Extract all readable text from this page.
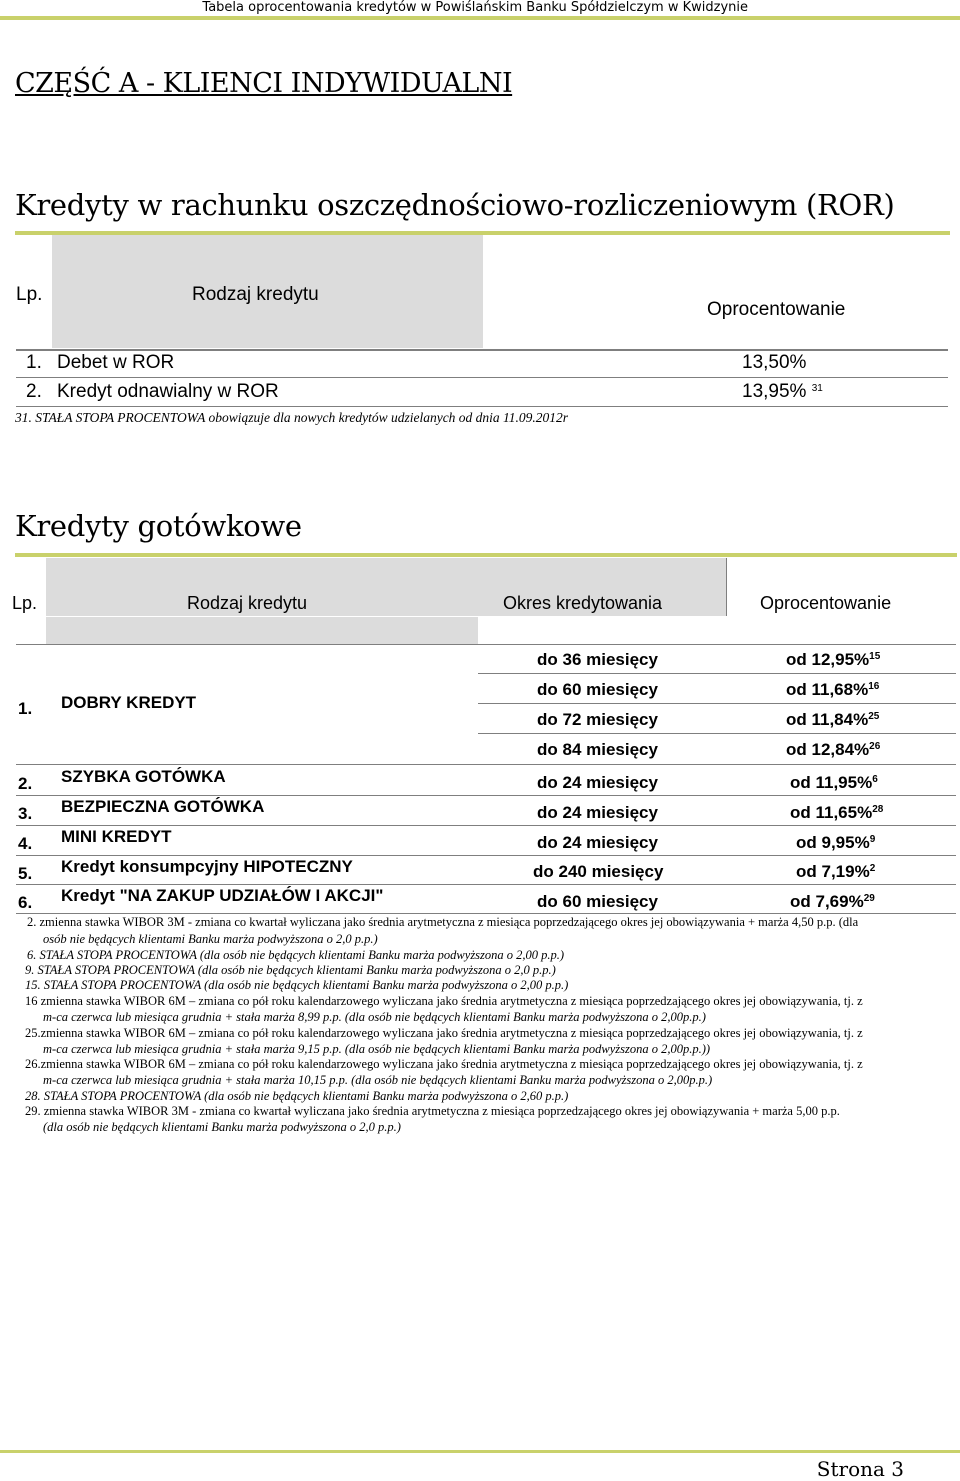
Tabela oprocentowania kredytów w Powiślańskim Banku Spółdzielczym w Kwidzynie
CZĘŚĆ A - KLIENCI INDYWIDUALNI
Kredyty w rachunku oszczędnościowo-rozliczeniowym (ROR)
Lp.	Rodzaj kredytu
Oprocentowanie
1. Debet w ROR	13,50%
2. Kredyt odnawialny w ROR	13,95% $^{31}$
31. STAŁA STOPA PROCENTOWA obowiązuje dla nowych kredytów udzielanych od dnia 11.09.2012r
Kredyty gotówkowe
Lp.	Rodzaj kredytu	Okres kredytowania	Oprocentowanie
1. DOBRY KREDYT
do 36 miesięcy	od 12,95%$^{15}$
do 60 miesięcy	od 11,68%$^{16}$
do 72 miesięcy	od 11,84%$^{25}$
do 84 miesięcy	od 12,84%$^{26}$
2. SZYBKA GOTÓWKA	do 24 miesięcy	od 11,95%$^6$
3. BEZPIECZNA GOTÓWKA	do 24 miesięcy	od 11,65%$^{28}$
4. MINI KREDYT	do 24 miesięcy	od 9,95%$^9$
5. Kredyt konsumpcyjny HIPOTECZNY	do 240 miesięcy	od 7,19%$^2$
6. Kredyt "NA ZAKUP UDZIAŁÓW I AKCJI"	do 60 miesięcy	od 7,69%$^{29}$
2. zmienna stawka WIBOR 3M - zmiana co kwartał wyliczana jako średnia arytmetyczna z miesiąca poprzedzającego okres jej obowiązywania + marża 4,50 p.p. (dla
osób nie będących klientami Banku marża podwyższona o 2,0 p.p.)
6. STAŁA STOPA PROCENTOWA (dla osób nie będących klientami Banku marża podwyższona o 2,00 p.p.)
9. STAŁA STOPA PROCENTOWA (dla osób nie będących klientami Banku marża podwyższona o 2,0 p.p.)
15. STAŁA STOPA PROCENTOWA (dla osób nie będących klientami Banku marża podwyższona o 2,00 p.p.)
16 zmienna stawka WIBOR 6M – zmiana co pół roku kalendarzowego wyliczana jako średnia arytmetyczna z miesiąca poprzedzającego okres jej obowiązywania, tj. z
m-ca czerwca lub miesiąca grudnia + stała marża 8,99 p.p. (dla osób nie będących klientami Banku marża podwyższona o 2,00p.p.)
25.zmienna stawka WIBOR 6M – zmiana co pół roku kalendarzowego wyliczana jako średnia arytmetyczna z miesiąca poprzedzającego okres jej obowiązywania, tj. z
m-ca czerwca lub miesiąca grudnia + stała marża 9,15 p.p. (dla osób nie będących klientami Banku marża podwyższona o 2,00p.p.))
26.zmienna stawka WIBOR 6M – zmiana co pół roku kalendarzowego wyliczana jako średnia arytmetyczna z miesiąca poprzedzającego okres jej obowiązywania, tj. z
m-ca czerwca lub miesiąca grudnia + stała marża 10,15 p.p. (dla osób nie będących klientami Banku marża podwyższona o 2,00p.p.)
28. STAŁA STOPA PROCENTOWA (dla osób nie będących klientami Banku marża podwyższona o 2,60 p.p.)
29. zmienna stawka WIBOR 3M - zmiana co kwartał wyliczana jako średnia arytmetyczna z miesiąca poprzedzającego okres jej obowiązywania + marża 5,00 p.p.
(dla osób nie będących klientami Banku marża podwyższona o 2,0 p.p.)
Strona 3
